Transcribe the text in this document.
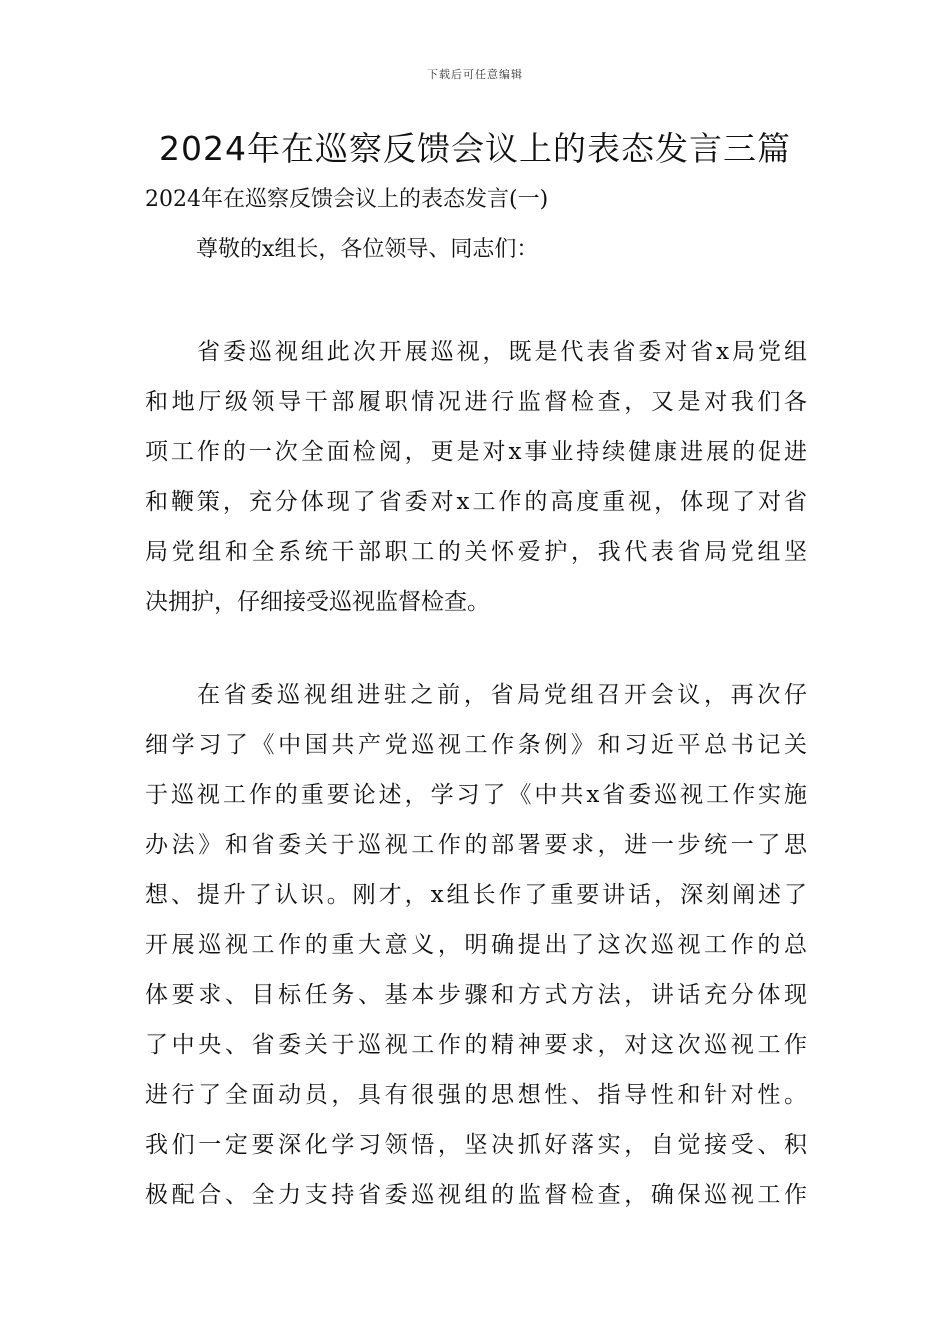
下载后可任意编辑
2024年在巡察反馈会议上的表态发言三篇
2024年在巡察反馈会议上的表态发言(一)
尊敬的x组长，各位领导、同志们：
省委巡视组此次开展巡视，既是代表省委对省x局党组
和地厅级领导干部履职情况进行监督检查，又是对我们各
项工作的一次全面检阅，更是对x事业持续健康进展的促进
和鞭策，充分体现了省委对x工作的高度重视，体现了对省
局党组和全系统干部职工的关怀爱护，我代表省局党组坚
决拥护，仔细接受巡视监督检查。
在省委巡视组进驻之前，省局党组召开会议，再次仔
细学习了《中国共产党巡视工作条例》和习近平总书记关
于巡视工作的重要论述，学习了《中共x省委巡视工作实施
办法》和省委关于巡视工作的部署要求，进一步统一了思
想、提升了认识。刚才，x组长作了重要讲话，深刻阐述了
开展巡视工作的重大意义，明确提出了这次巡视工作的总
体要求、目标任务、基本步骤和方式方法，讲话充分体现
了中央、省委关于巡视工作的精神要求，对这次巡视工作
进行了全面动员，具有很强的思想性、指导性和针对性。
我们一定要深化学习领悟，坚决抓好落实，自觉接受、积
极配合、全力支持省委巡视组的监督检查，确保巡视工作
